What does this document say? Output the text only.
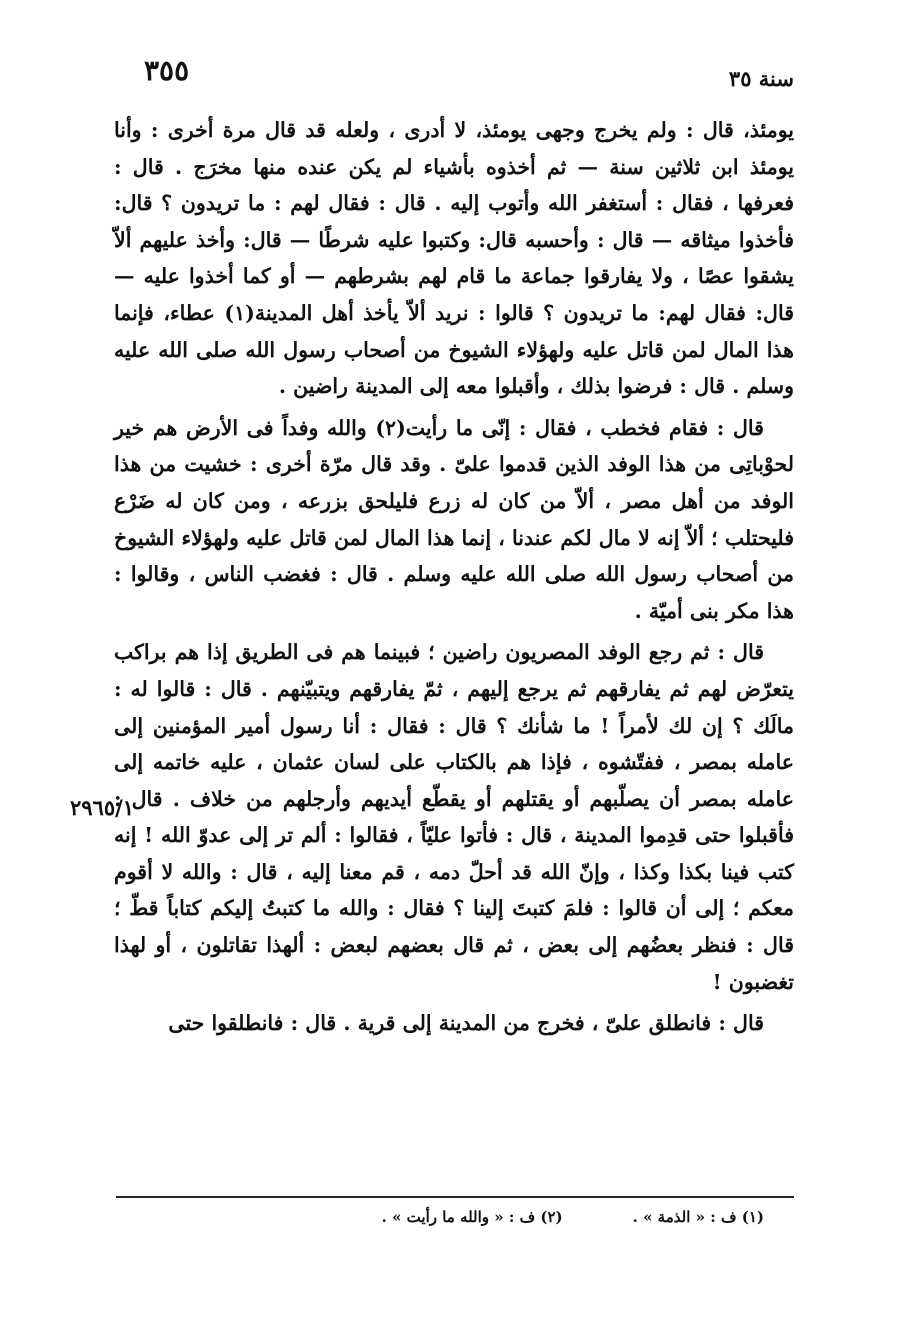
٣٥٥	سنة ٣٥

يومئذ، قال : ولم يخرج وجهى يومئذ، لا أدرى ، ولعله قد قال مرة أخرى : وأنا يومئذ ابن ثلاثين سنة — ثم أخذوه بأشياء لم يكن عنده منها مخرَج . قال : فعرفها ، فقال : أستغفر الله وأتوب إليه . قال : فقال لهم : ما تريدون ؟ قال: فأخذوا ميثاقه — قال : وأحسبه قال: وكتبوا عليه شرطًا — قال: وأخذ عليهم ألاّ يشقوا عصًا ، ولا يفارقوا جماعة ما قام لهم بشرطهم — أو كما أخذوا عليه — قال: فقال لهم: ما تريدون ؟ قالوا : نريد ألاّ يأخذ أهل المدينة(١) عطاء، فإنما هذا المال لمن قاتل عليه ولهؤلاء الشيوخ من أصحاب رسول الله صلى الله عليه وسلم . قال : فرضوا بذلك ، وأقبلوا معه إلى المدينة راضين .

قال : فقام فخطب ، فقال : إنّى ما رأيت(٢) والله وفداً فى الأرض هم خير لحوْباتِى من هذا الوفد الذين قدموا علىّ . وقد قال مرّة أخرى : خشيت من هذا الوفد من أهل مصر ، ألاّ من كان له زرع فليلحق بزرعه ، ومن كان له ضَرْع فليحتلب ؛ ألاّ إنه لا مال لكم عندنا ، إنما هذا المال لمن قاتل عليه ولهؤلاء الشيوخ من أصحاب رسول الله صلى الله عليه وسلم . قال : فغضب الناس ، وقالوا : هذا مكر بنى أميّة .

قال : ثم رجع الوفد المصريون راضين ؛ فبينما هم فى الطريق إذا هم براكب يتعرّض لهم ثم يفارقهم ثم يرجع إليهم ، ثمّ يفارقهم ويتبيّنهم . قال : قالوا له : مالَك ؟ إن لك لأمراً ! ما شأنك ؟ قال : فقال : أنا رسول أمير المؤمنين إلى عامله بمصر ، ففتّشوه ، فإذا هم بالكتاب على لسان عثمان ، عليه خاتمه إلى عامله بمصر أن يصلّبهم أو يقتلهم أو يقطّع أيديهم وأرجلهم من خلاف . قال : فأقبلوا حتى قدِموا المدينة ، قال : فأتوا عليّاً ، فقالوا : ألم تر إلى عدوّ الله ! إنه كتب فينا بكذا وكذا ، وإنّ الله قد أحلّ دمه ، قم معنا إليه ، قال : والله لا أقوم معكم ؛ إلى أن قالوا : فلمَ كتبتَ إلينا ؟ فقال : والله ما كتبتُ إليكم كتاباً قطّ ؛ قال : فنظر بعضُهم إلى بعض ، ثم قال بعضهم لبعض : ألهذا تقاتلون ، أو لهذا تغضبون !

قال : فانطلق علىّ ، فخرج من المدينة إلى قرية . قال : فانطلقوا حتى

٢٩٦٥/١
(١) ف : « الذمة » .
(٢) ف : « والله ما رأيت » .
